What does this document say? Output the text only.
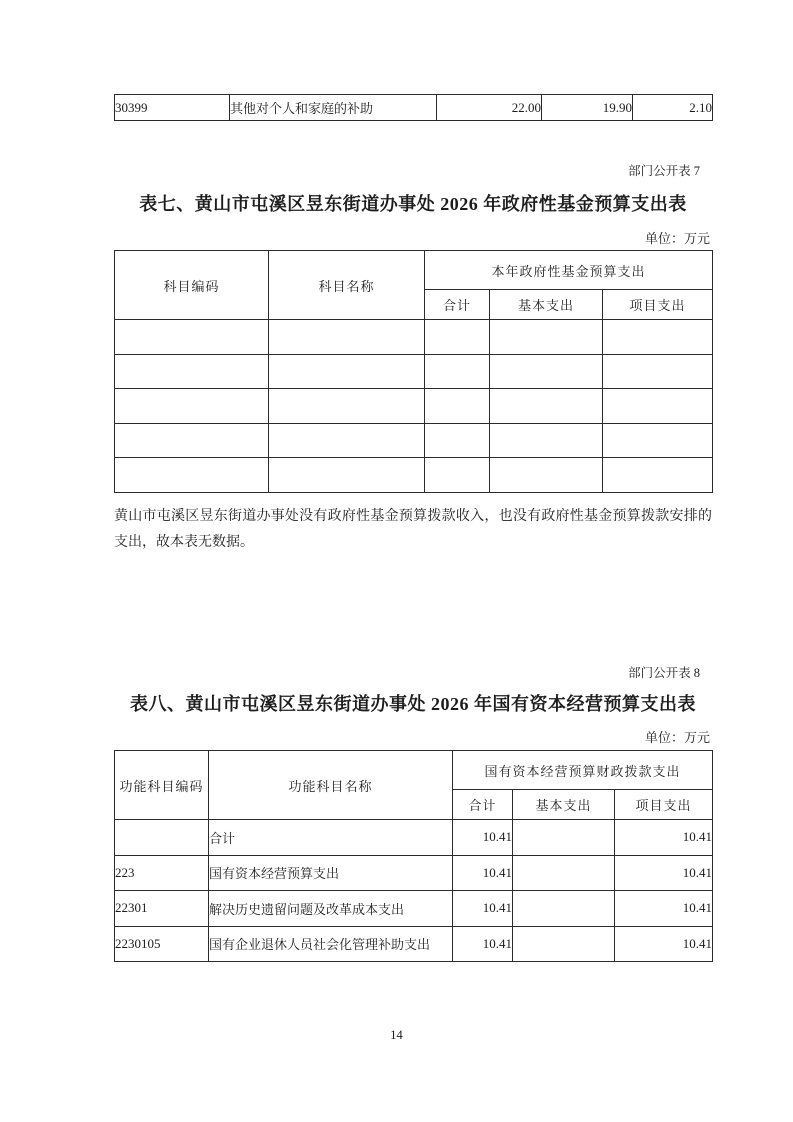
30399	其他对个人和家庭的补助	22.00	19.90	2.10
部门公开表 7
表七、黄山市屯溪区昱东街道办事处 2026 年政府性基金预算支出表
单位：万元
科目编码	科目名称	本年政府性基金预算支出		
		合计	基本支出	项目支出

黄山市屯溪区昱东街道办事处没有政府性基金预算拨款收入，也没有政府性基金预算拨款安排的支出，故本表无数据。
部门公开表 8
表八、黄山市屯溪区昱东街道办事处 2026 年国有资本经营预算支出表
单位：万元
功能科目编码	功能科目名称	国有资本经营预算财政拨款支出		
		合计	基本支出	项目支出
	合计	10.41		10.41
223	国有资本经营预算支出	10.41		10.41
22301	解决历史遗留问题及改革成本支出	10.41		10.41
2230105	国有企业退休人员社会化管理补助支出	10.41		10.41
14
